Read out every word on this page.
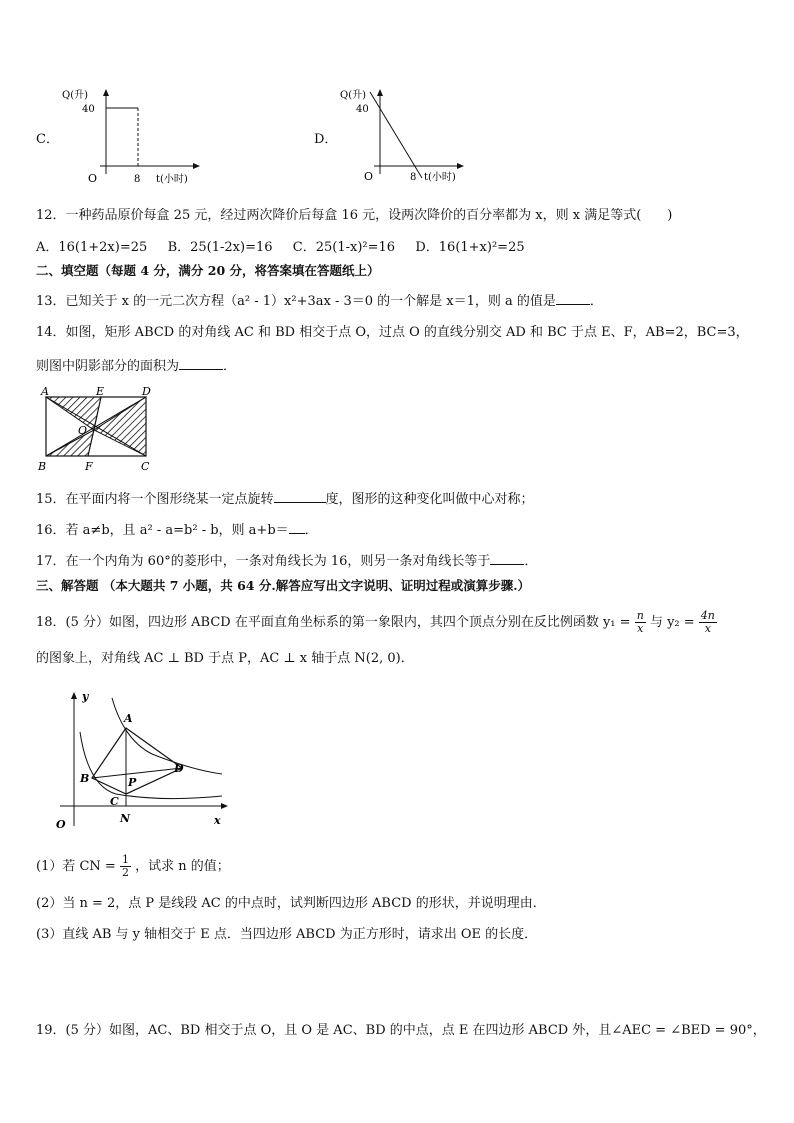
C．
Q(升)
40
O	8 t(小时)
D．
Q(升)
40
O	8 t(小时)
12．一种药品原价每盒 25 元，经过两次降价后每盒 16 元，设两次降价的百分率都为 x，则 x 满足等式(　　)
A．16(1+2x)=25 B．25(1-2x)=16 C．25(1-x)²=16 D．16(1+x)²=25
二、填空题（每题 4 分，满分 20 分，将答案填在答题纸上）
13．已知关于 x 的一元二次方程（a² - 1）x²+3ax - 3＝0 的一个解是 x＝1，则 a 的值是	．
14．如图，矩形 ABCD 的对角线 AC 和 BD 相交于点 O，过点 O 的直线分别交 AD 和 BC 于点 E、F，AB=2，BC=3，
则图中阴影部分的面积为	．
A	E	D
O
B	F	C
15．在平面内将一个图形绕某一定点旋转	度，图形的这种变化叫做中心对称；
16．若 a≠b，且 a² - a=b² - b，则 a+b＝ ．
17．在一个内角为 60°的菱形中，一条对角线长为 16，则另一条对角线长等于	．
三、解答题 （本大题共 7 小题，共 64 分.解答应写出文字说明、证明过程或演算步骤.）
18．(5 分）如图，四边形 ABCD 在平面直角坐标系的第一象限内，其四个顶点分别在反比例函数 $y_1 = \frac{n}{x}$ 与 $y_2 = \frac{4n}{x}$
的图象上，对角线 AC ⊥ BD 于点 P，AC ⊥ x 轴于点 N(2, 0)．
y
A
B	P
D
C
O	N	x
(1）若 CN = $\frac{1}{2}$ ，试求 n 的值；
(2）当 n = 2，点 P 是线段 AC 的中点时，试判断四边形 ABCD 的形状，并说明理由．
(3）直线 AB 与 y 轴相交于 E 点．当四边形 ABCD 为正方形时，请求出 OE 的长度．
19．(5 分）如图，AC、BD 相交于点 O，且 O 是 AC、BD 的中点，点 E 在四边形 ABCD 外，且∠AEC = ∠BED = 90°，
